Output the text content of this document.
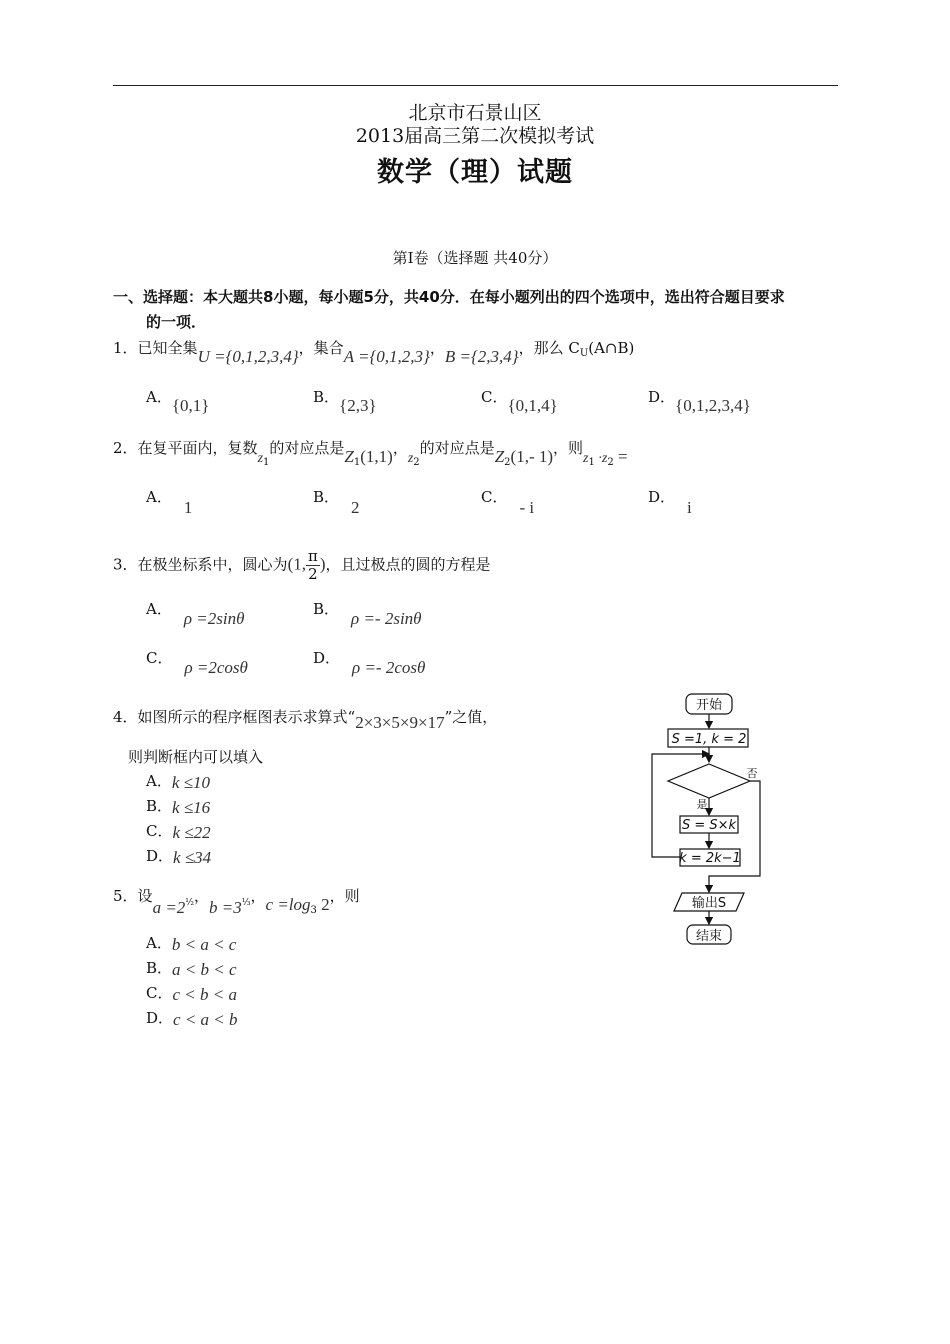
北京市石景山区
2013届高三第二次模拟考试
数学（理）试题
第Ⅰ卷（选择题 共40分）
一、选择题：本大题共8小题，每小题5分，共40分．在每小题列出的四个选项中，选出符合题目要求
的一项．
1．已知全集U ={0,1,2,3,4}，集合A ={0,1,2,3}，B ={2,3,4}，那么 $C_U(A\cap B)$
A．{0,1}	B．{2,3}	C．{0,1,4}	D．{0,1,2,3,4}
2．在复平面内，复数$z_1$的对应点是$Z_1(1,1)$，$z_2$的对应点是$Z_2(1,-$ 1)，则$z_1 \cdot z_2$ =
A．1
B．2
C．- i
D．i
3．在极坐标系中，圆心为(1, $\frac{\pi}{2}$ )，且过极点的圆的方程是
A． ρ =2sinθ	B． ρ =- 2sinθ
C． ρ =2cosθ	D． ρ =- 2cosθ
4．如图所示的程序框图表示求算式“2×3×5×9×17”之值，
则判断框内可以填入
A．k ≤10
B．k ≤16
C．k ≤22
D．k ≤34
5．设$a =2_{\frac{1}{2}}$，$b =3_{\frac{1}{3}}$，$c =\log_3$ 2，则
A．b < a < c
B．a < b < c
C．c < b < a
D．c < a < b
开始
S =1, k = 2
否
是
S = S×k
k = 2k−1
输出S
结束
